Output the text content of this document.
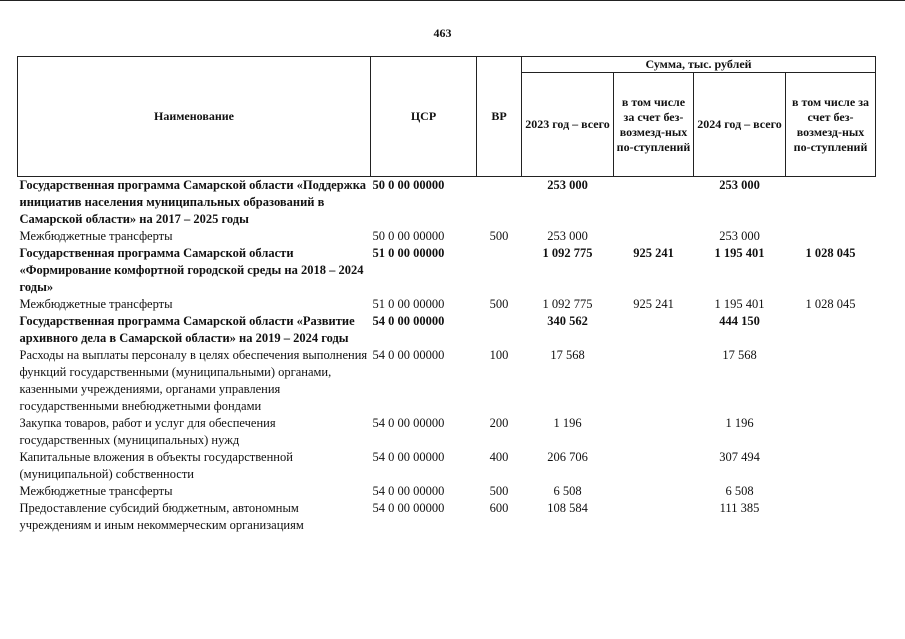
463
Наименование	ЦСР	ВР	Сумма, тыс. рублей			
			2023 год – всего	в том числе за счет без-возмезд-ных по-ступлений	2024 год – всего	в том числе за счет без-возмезд-ных по-ступлений
Государственная программа Самарской области «Поддержка инициатив населения муниципальных образований в Самарской области» на 2017 – 2025 годы	50 0 00 00000		253 000		253 000	
Межбюджетные трансферты	50 0 00 00000	500	253 000		253 000	
Государственная программа Самарской области «Формирование комфортной городской среды на 2018 – 2024 годы»	51 0 00 00000		1 092 775	925 241	1 195 401	1 028 045
Межбюджетные трансферты	51 0 00 00000	500	1 092 775	925 241	1 195 401	1 028 045
Государственная программа Самарской области «Развитие архивного дела в Самарской области» на 2019 – 2024 годы	54 0 00 00000		340 562		444 150	
Расходы на выплаты персоналу в целях обеспечения выполнения функций государственными (муниципальными) органами, казенными учреждениями, органами управления государственными внебюджетными фондами	54 0 00 00000	100	17 568		17 568	
Закупка товаров, работ и услуг для обеспечения государственных (муниципальных) нужд	54 0 00 00000	200	1 196		1 196	
Капитальные вложения в объекты государственной (муниципальной) собственности	54 0 00 00000	400	206 706		307 494	
Межбюджетные трансферты	54 0 00 00000	500	6 508		6 508	
Предоставление субсидий бюджетным, автономным учреждениям и иным некоммерческим организациям	54 0 00 00000	600	108 584		111 385	
